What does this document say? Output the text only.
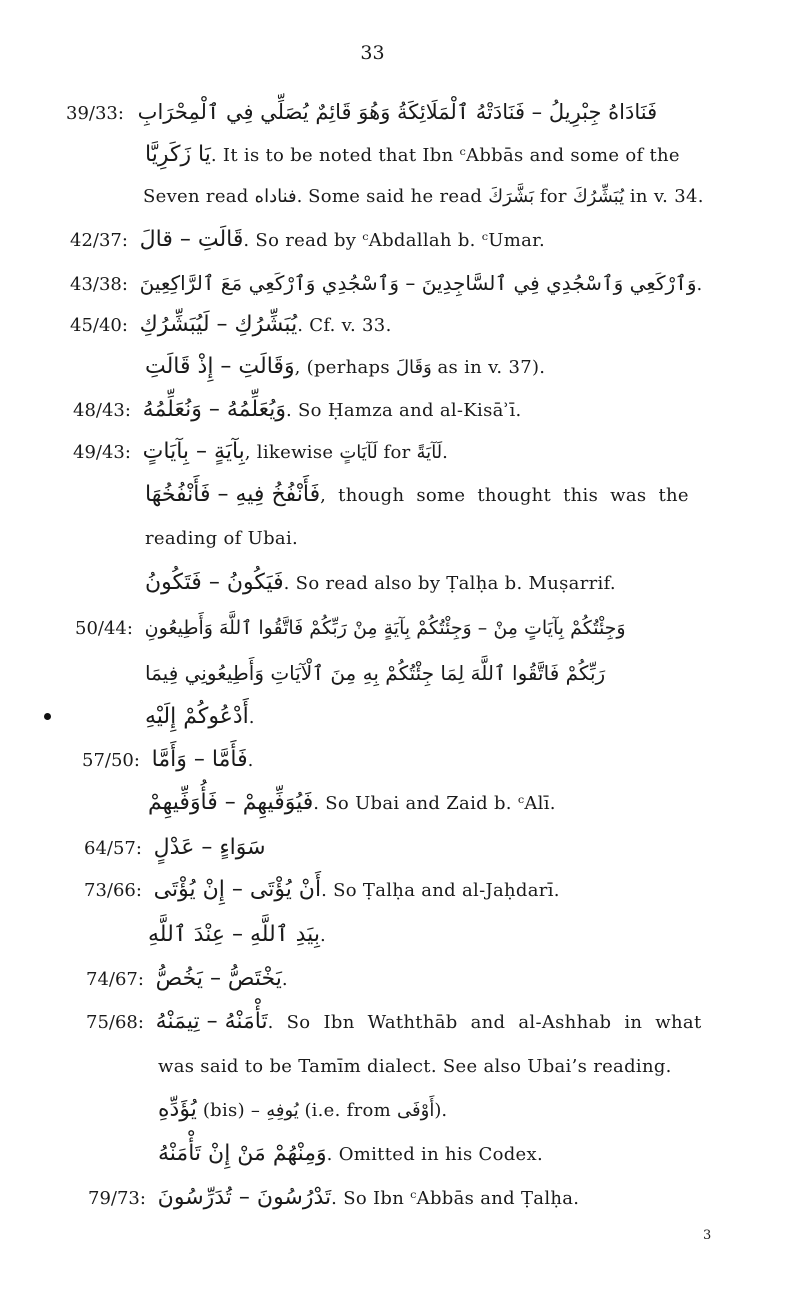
33
39/33: فَنَادَاهُ جِبْرِيلُ – فَنَادَتْهُ ٱلْمَلَائِكَةُ وَهُوَ قَائِمٌ يُصَلِّي فِي ٱلْمِحْرَابِ
يَا زَكَرِيَّا. It is to be noted that Ibn ᶜAbbās and some of the
Seven read فناداه. Some said he read بَشَّرَكَ for يُبَشِّرُكَ in v. 34.
42/37: قَالَتِ – قالَ. So read by ᶜAbdallah b. ᶜUmar.
43/38: وَٱرْكَعِي وَٱسْجُدِي فِي ٱلسَّاجِدِينَ – وَٱسْجُدِي وَٱرْكَعِي مَعَ ٱلرَّاكِعِينَ.
45/40: يُبَشِّرُكِ – لَيُبَشِّرُكِ. Cf. v. 33.
وَقَالَتِ – إِذْ قَالَتِ, (perhaps وَقَالَ as in v. 37).
48/43: وَيُعَلِّمُهُ – وَنُعَلِّمُهُ. So Ḥamza and al-Kisāʾī.
49/43: بِآيَةٍ – بِآيَاتٍ, likewise لَآيَاتٍ for لَآيَةً.
فَأَنْفُخُ فِيهِ – فَأَنْفُخُهَا, though some thought this was the
reading of Ubai.
فَيَكُونُ – فَتَكُونُ. So read also by Ṭalḥa b. Muṣarrif.
50/44: وَجِئْتُكُمْ بِآيَاتٍ مِنْ – وَجِئْتُكُمْ بِآيَةٍ مِنْ رَبِّكُمْ فَاتَّقُوا ٱللَّهَ وَأَطِيعُونِ
رَبِّكُمْ فَاتَّقُوا ٱللَّهَ لِمَا جِئْتُكُمْ بِهِ مِنَ ٱلْآيَاتِ وَأَطِيعُونِي فِيمَا
أَدْعُوكُمْ إِلَيْهِ.
57/50: فَأَمَّا – وَأَمَّا.
فَيُوَفِّيهِمْ – فَأُوَفِّيهِمْ. So Ubai and Zaid b. ᶜAlī.
64/57: سَوَاءٍ – عَدْلٍ
73/66: أَنْ يُؤْتَى – إِنْ يُؤْتَى. So Ṭalḥa and al-Jaḥdarī.
بِيَدِ ٱللَّهِ – عِنْدَ ٱللَّهِ.
74/67: يَخْتَصُّ – يَخُصُّ.
75/68: تَأْمَنْهُ – تِيمَنْهُ. So Ibn Waththāb and al-Ashhab in what
was said to be Tamīm dialect. See also Ubai’s reading.
يُؤَدِّهِ (bis) – يُوفِهِ (i.e. from أَوْفَى).
وَمِنْهُمْ مَنْ إِنْ تَأْمَنْهُ. Omitted in his Codex.
79/73: تَدْرُسُونَ – تُدَرِّسُونَ. So Ibn ᶜAbbās and Ṭalḥa.
3
